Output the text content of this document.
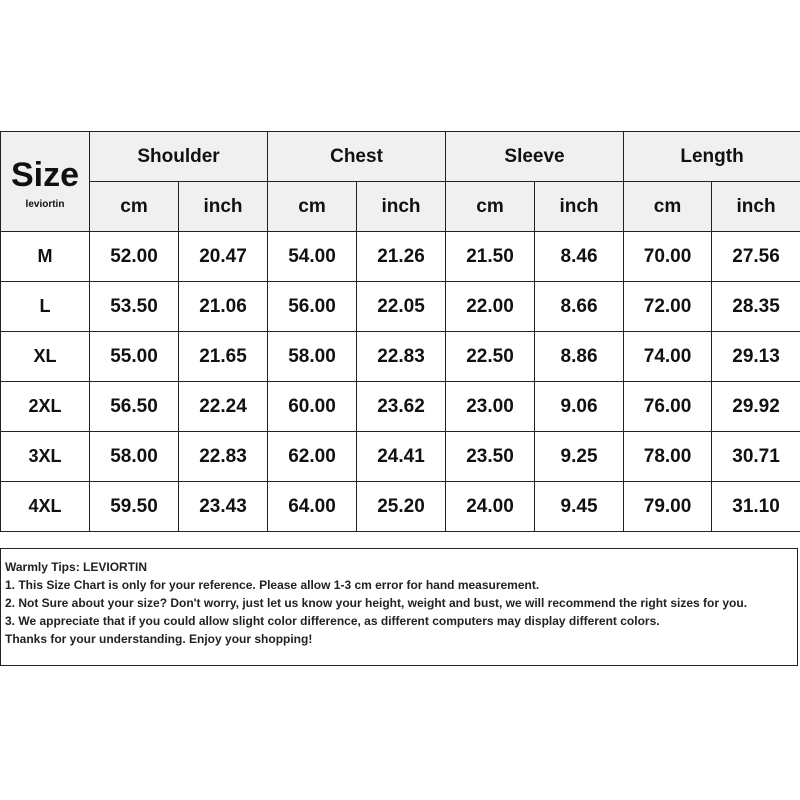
Size
leviortin	Shoulder		Chest		Sleeve		Length	
	cm	inch	cm	inch	cm	inch	cm	inch
M	52.00	20.47	54.00	21.26	21.50	8.46	70.00	27.56
L	53.50	21.06	56.00	22.05	22.00	8.66	72.00	28.35
XL	55.00	21.65	58.00	22.83	22.50	8.86	74.00	29.13
2XL	56.50	22.24	60.00	23.62	23.00	9.06	76.00	29.92
3XL	58.00	22.83	62.00	24.41	23.50	9.25	78.00	30.71
4XL	59.50	23.43	64.00	25.20	24.00	9.45	79.00	31.10
Warmly Tips: LEVIORTIN
1. This Size Chart is only for your reference. Please allow 1-3 cm error for hand measurement.
2. Not Sure about your size? Don't worry, just let us know your height, weight and bust, we will recommend the right sizes for you.
3. We appreciate that if you could allow slight color difference, as different computers may display different colors.
Thanks for your understanding. Enjoy your shopping!
